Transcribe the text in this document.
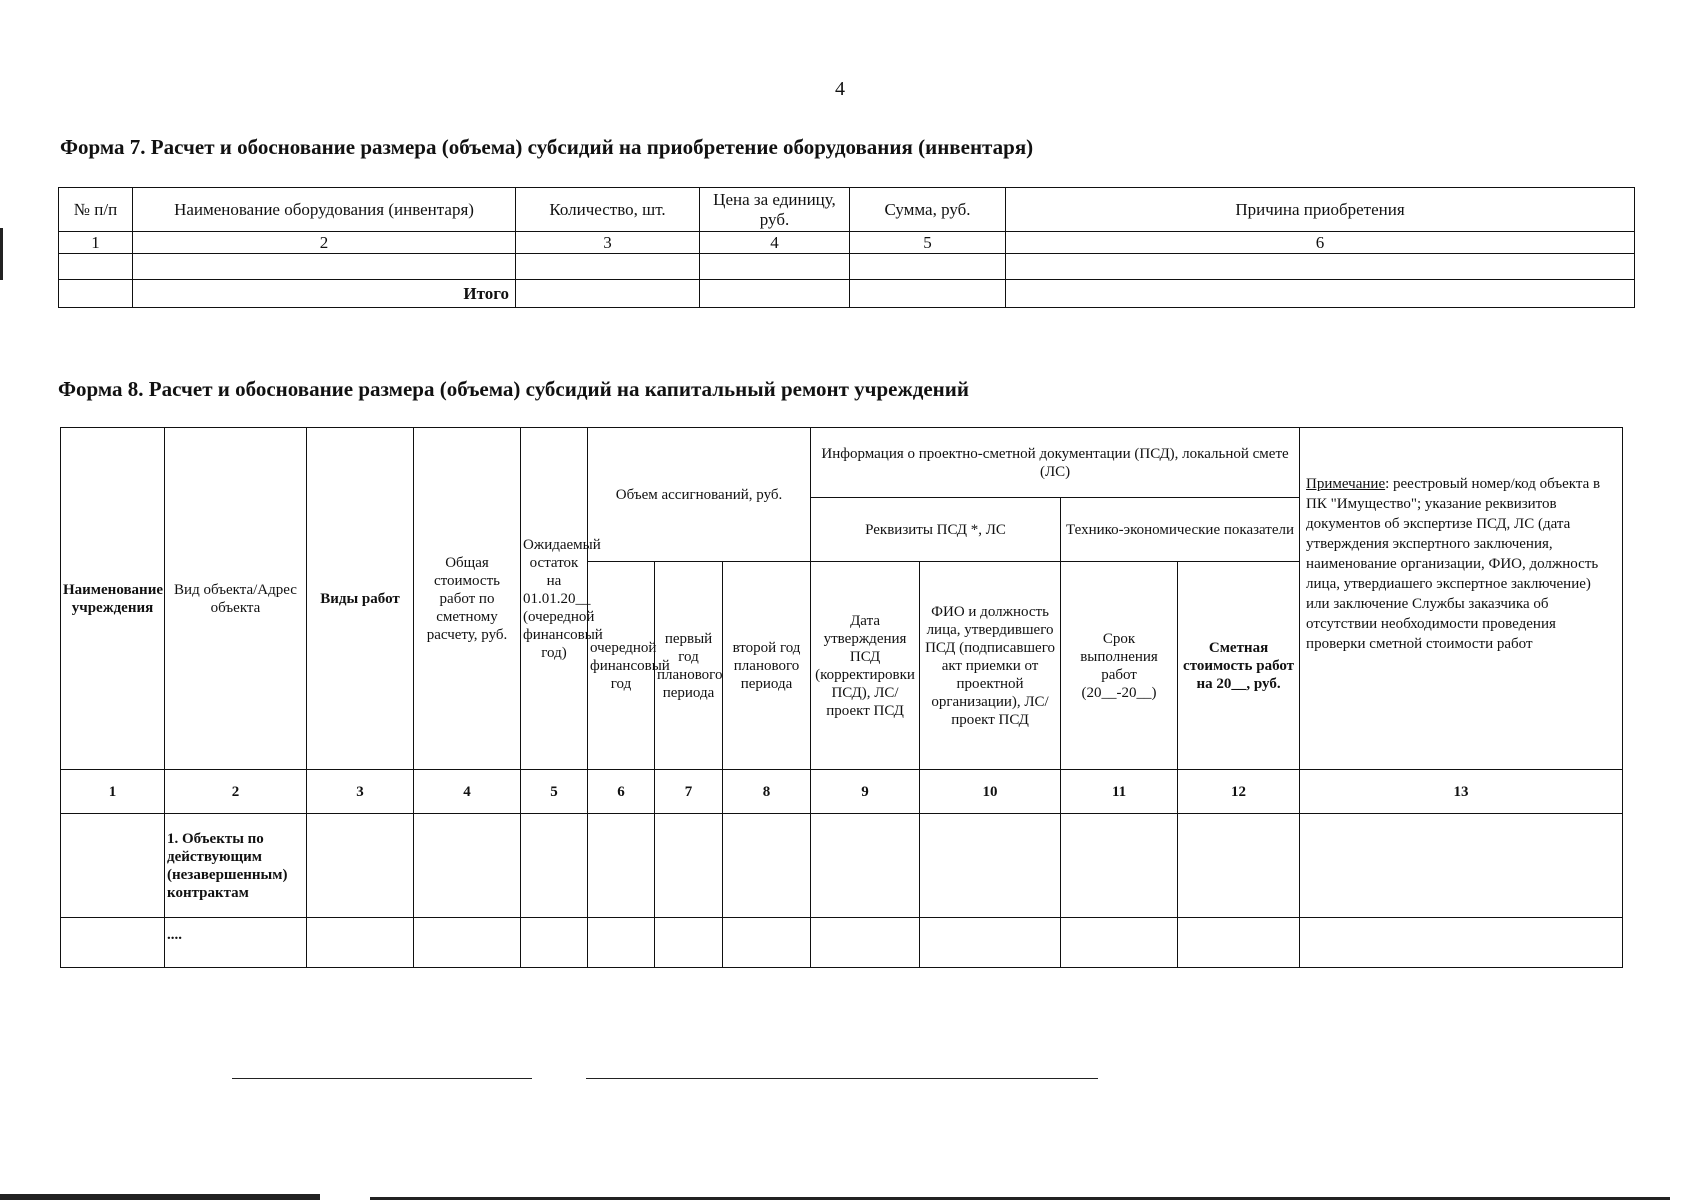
4
Форма 7. Расчет и обоснование размера (объема) субсидий на приобретение оборудования (инвентаря)
№ п/п	Наименование оборудования (инвентаря)	Количество, шт.	Цена за единицу, руб.	Сумма, руб.	Причина приобретения
1	2	3	4	5	6

	Итого				
Форма 8. Расчет и обоснование размера (объема) субсидий на капитальный ремонт учреждений
Наименование учреждения	Вид объекта/Адрес объекта	Виды работ	Общая стоимость работ по сметному расчету, руб.	Ожидаемый остаток на 01.01.20__ (очередной финансовый год)	Объем ассигнований, руб.			Информация о проектно-сметной документации (ПСД), локальной смете (ЛС)				Примечание: реестровый номер/код объекта в ПК "Имущество"; указание реквизитов документов об экспертизе ПСД, ЛС (дата утверждения экспертного заключения, наименование организации, ФИО, должность лица, утвердиашего экспертное заключение) или заключение Службы заказчика об отсутствии необходимости проведения проверки сметной стоимости работ
								Реквизиты ПСД *, ЛС		Технико-экономические показатели		
					очередной финансовый год	первый год планового периода	второй год планового периода	Дата утверждения ПСД (корректировки ПСД), ЛС/проект ПСД	ФИО и должность лица, утвердившего ПСД (подписавшего акт приемки от проектной организации), ЛС/проект ПСД	Срок выполнения работ (20__-20__)	Сметная стоимость работ на 20__, руб.	
1	2	3	4	5	6	7	8	9	10	11	12	13
	1. Объекты по действующим (незавершенным) контрактам											
	....											
